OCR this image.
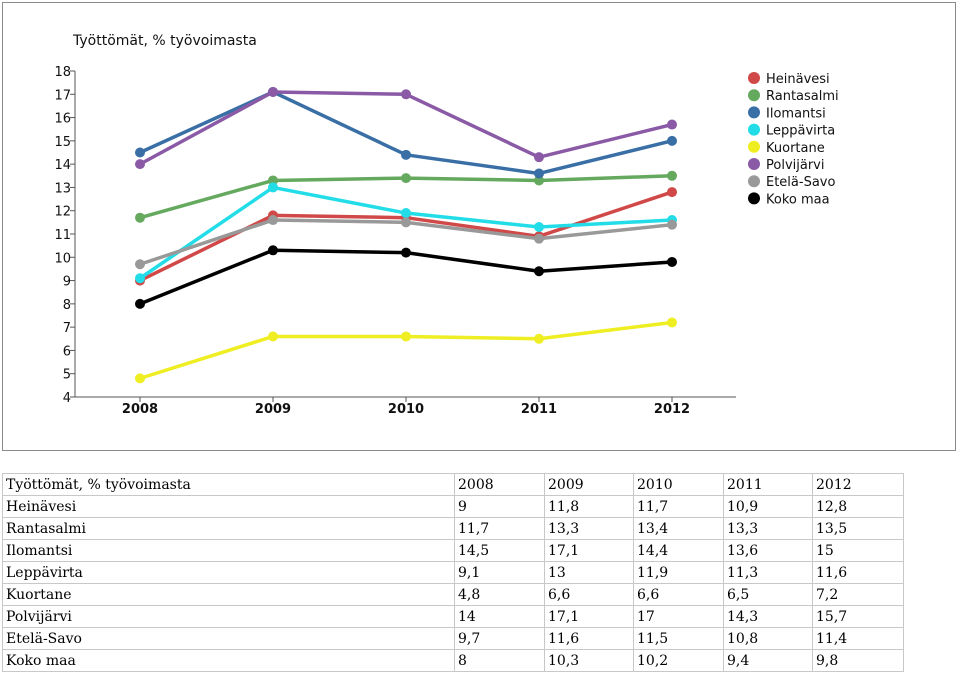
Työttömät, % työvoimasta
4
5
6
7
8
9
10
11
12
13
14
15
16
17
18
2008	2009	2010	2011	2012
Heinävesi
Rantasalmi
Ilomantsi
Leppävirta
Kuortane
Polvijärvi
Etelä-Savo
Koko maa
Työttömät, % työvoimasta	2008	2009	2010	2011	2012
Heinävesi	9	11,8	11,7	10,9	12,8
Rantasalmi	11,7	13,3	13,4	13,3	13,5
Ilomantsi	14,5	17,1	14,4	13,6	15
Leppävirta	9,1	13	11,9	11,3	11,6
Kuortane	4,8	6,6	6,6	6,5	7,2
Polvijärvi	14	17,1	17	14,3	15,7
Etelä-Savo	9,7	11,6	11,5	10,8	11,4
Koko maa	8	10,3	10,2	9,4	9,8
